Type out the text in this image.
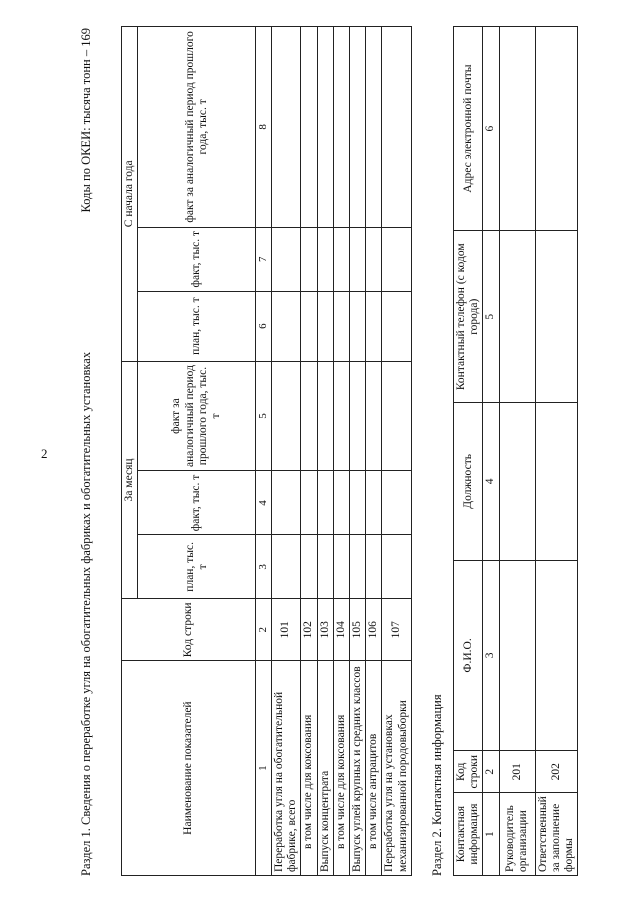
2	Раздел 1. Сведения о переработке угля на обогатительных фабриках и обогатительных установках
Коды по ОКЕИ: тысяча тонн – 169
Наименование показателей	Код строки	За месяц			С начала года		
		план, тыс. т	факт, тыс. т	факт за аналогичный период прошлого года, тыс. т	план, тыс. т	факт, тыс. т	факт за аналогичный период прошлого года, тыс. т
1	2	3	4	5	6	7	8
Переработка угля на обогатительной фабрике, всего	101						
в том числе для коксования	102						
Выпуск концентрата	103						
в том числе для коксования	104						
Выпуск углей крупных и средних классов	105						
в том числе антрацитов	106						
Переработка угля на установках механизированной породовыборки	107						
Раздел 2. Контактная информация Контактная информация	Код строки	Ф.И.О.	Должность	Контактный телефон (с кодом города)	Адрес электронной почты
1	2	3	4	5	6
Руководитель организации	201				
Ответственный за заполнение формы	202				
